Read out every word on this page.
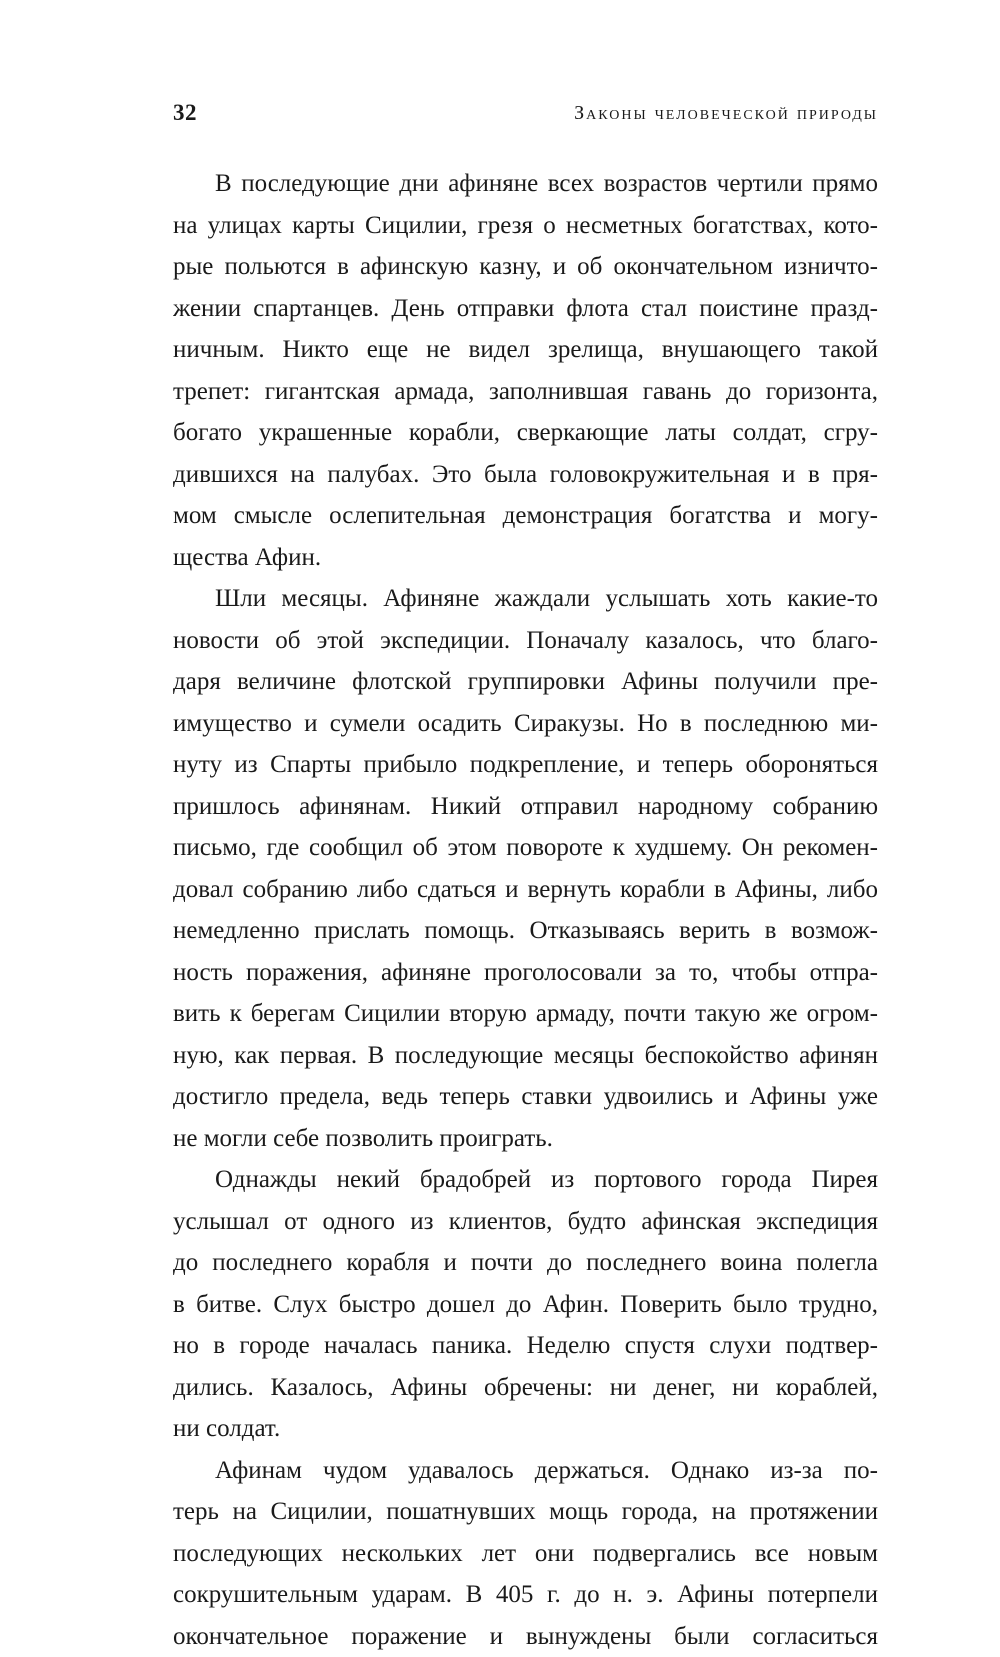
32	Законы человеческой природы
В последующие дни афиняне всех возрастов чертили прямо
на улицах карты Сицилии, грезя о несметных богатствах, кото-
рые польются в афинскую казну, и об окончательном изничто-
жении спартанцев. День отправки флота стал поистине празд-
ничным. Никто еще не видел зрелища, внушающего такой
трепет: гигантская армада, заполнившая гавань до горизонта,
богато украшенные корабли, сверкающие латы солдат, сгру-
дившихся на палубах. Это была головокружительная и в пря-
мом смысле ослепительная демонстрация богатства и могу-
щества Афин.
Шли месяцы. Афиняне жаждали услышать хоть какие-то
новости об этой экспедиции. Поначалу казалось, что благо-
даря величине флотской группировки Афины получили пре-
имущество и сумели осадить Сиракузы. Но в последнюю ми-
нуту из Спарты прибыло подкрепление, и теперь обороняться
пришлось афинянам. Никий отправил народному собранию
письмо, где сообщил об этом повороте к худшему. Он рекомен-
довал собранию либо сдаться и вернуть корабли в Афины, либо
немедленно прислать помощь. Отказываясь верить в возмож-
ность поражения, афиняне проголосовали за то, чтобы отпра-
вить к берегам Сицилии вторую армаду, почти такую же огром-
ную, как первая. В последующие месяцы беспокойство афинян
достигло предела, ведь теперь ставки удвоились и Афины уже
не могли себе позволить проиграть.
Однажды некий брадобрей из портового города Пирея
услышал от одного из клиентов, будто афинская экспедиция
до последнего корабля и почти до последнего воина полегла
в битве. Слух быстро дошел до Афин. Поверить было трудно,
но в городе началась паника. Неделю спустя слухи подтвер-
дились. Казалось, Афины обречены: ни денег, ни кораблей,
ни солдат.
Афинам чудом удавалось держаться. Однако из-за по-
терь на Сицилии, пошатнувших мощь города, на протяжении
последующих нескольких лет они подвергались все новым
сокрушительным ударам. В 405 г. до н. э. Афины потерпели
окончательное поражение и вынуждены были согласиться
